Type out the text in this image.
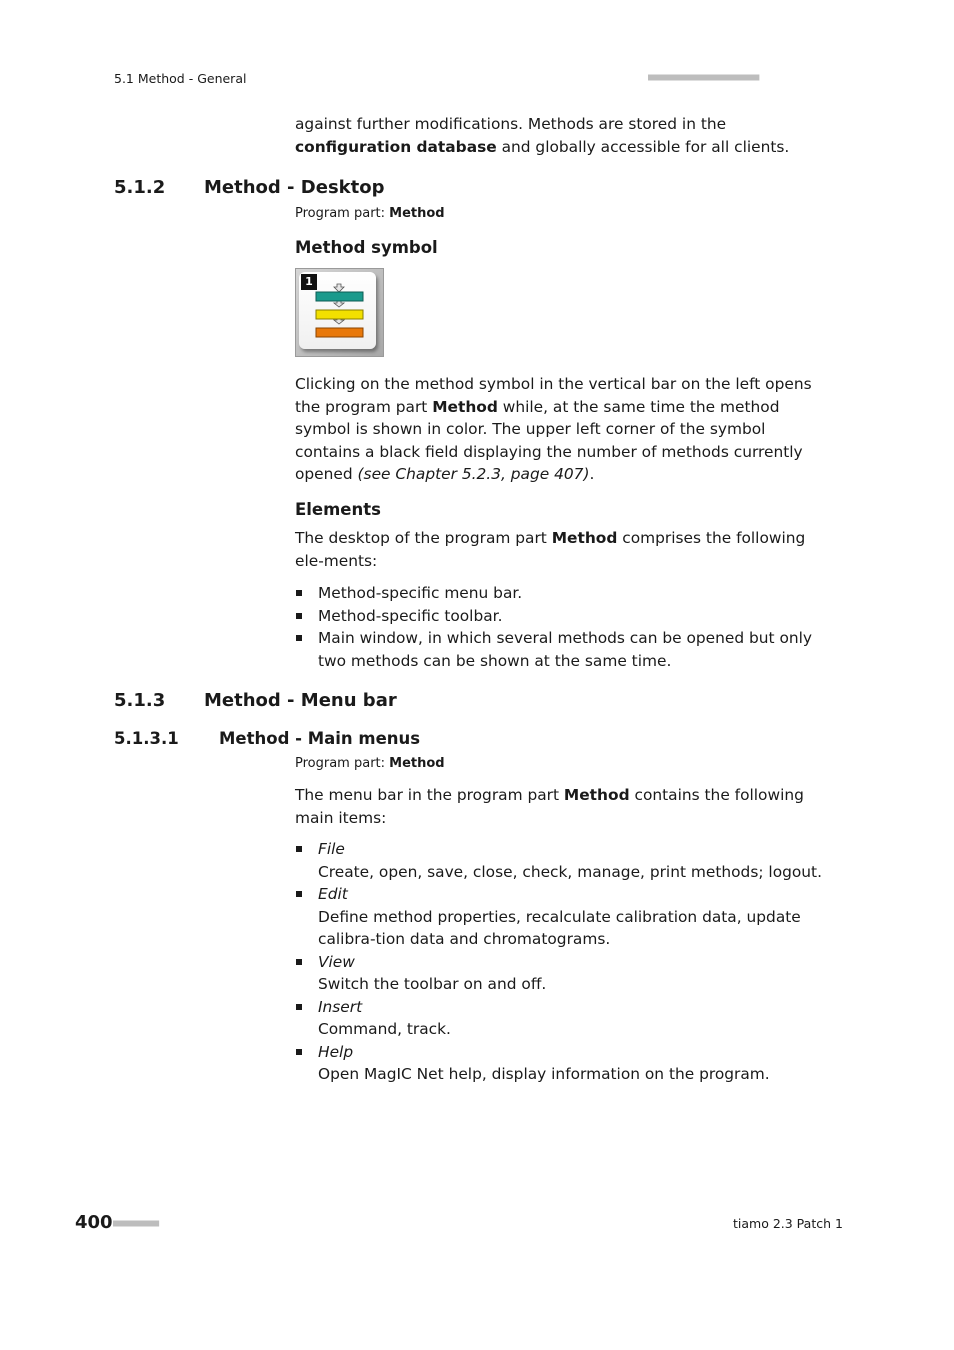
5.1 Method - General	■■■■■■■■■■■■■■■■■■■■■■
against further modifications. Methods are stored in the configuration database and globally accessible for all clients.
5.1.2 Method - Desktop
Program part: Method
Method symbol
1
Clicking on the method symbol in the vertical bar on the left opens the program part Method while, at the same time the method symbol is shown in color. The upper left corner of the symbol contains a black field displaying the number of methods currently opened (see Chapter 5.2.3, page 407).
Elements
The desktop of the program part Method comprises the following ele-ments:
Method-specific menu bar.
Method-specific toolbar.
Main window, in which several methods can be opened but only two methods can be shown at the same time.
5.1.3 Method - Menu bar
5.1.3.1 Method - Main menus
Program part: Method
The menu bar in the program part Method contains the following main items:
File
Create, open, save, close, check, manage, print methods; logout.
Edit
Define method properties, recalculate calibration data, update calibra-tion data and chromatograms.
View
Switch the toolbar on and off.
Insert
Command, track.
Help
Open MagIC Net help, display information on the program.
400 ■■■■■■■■■	tiamo 2.3 Patch 1
